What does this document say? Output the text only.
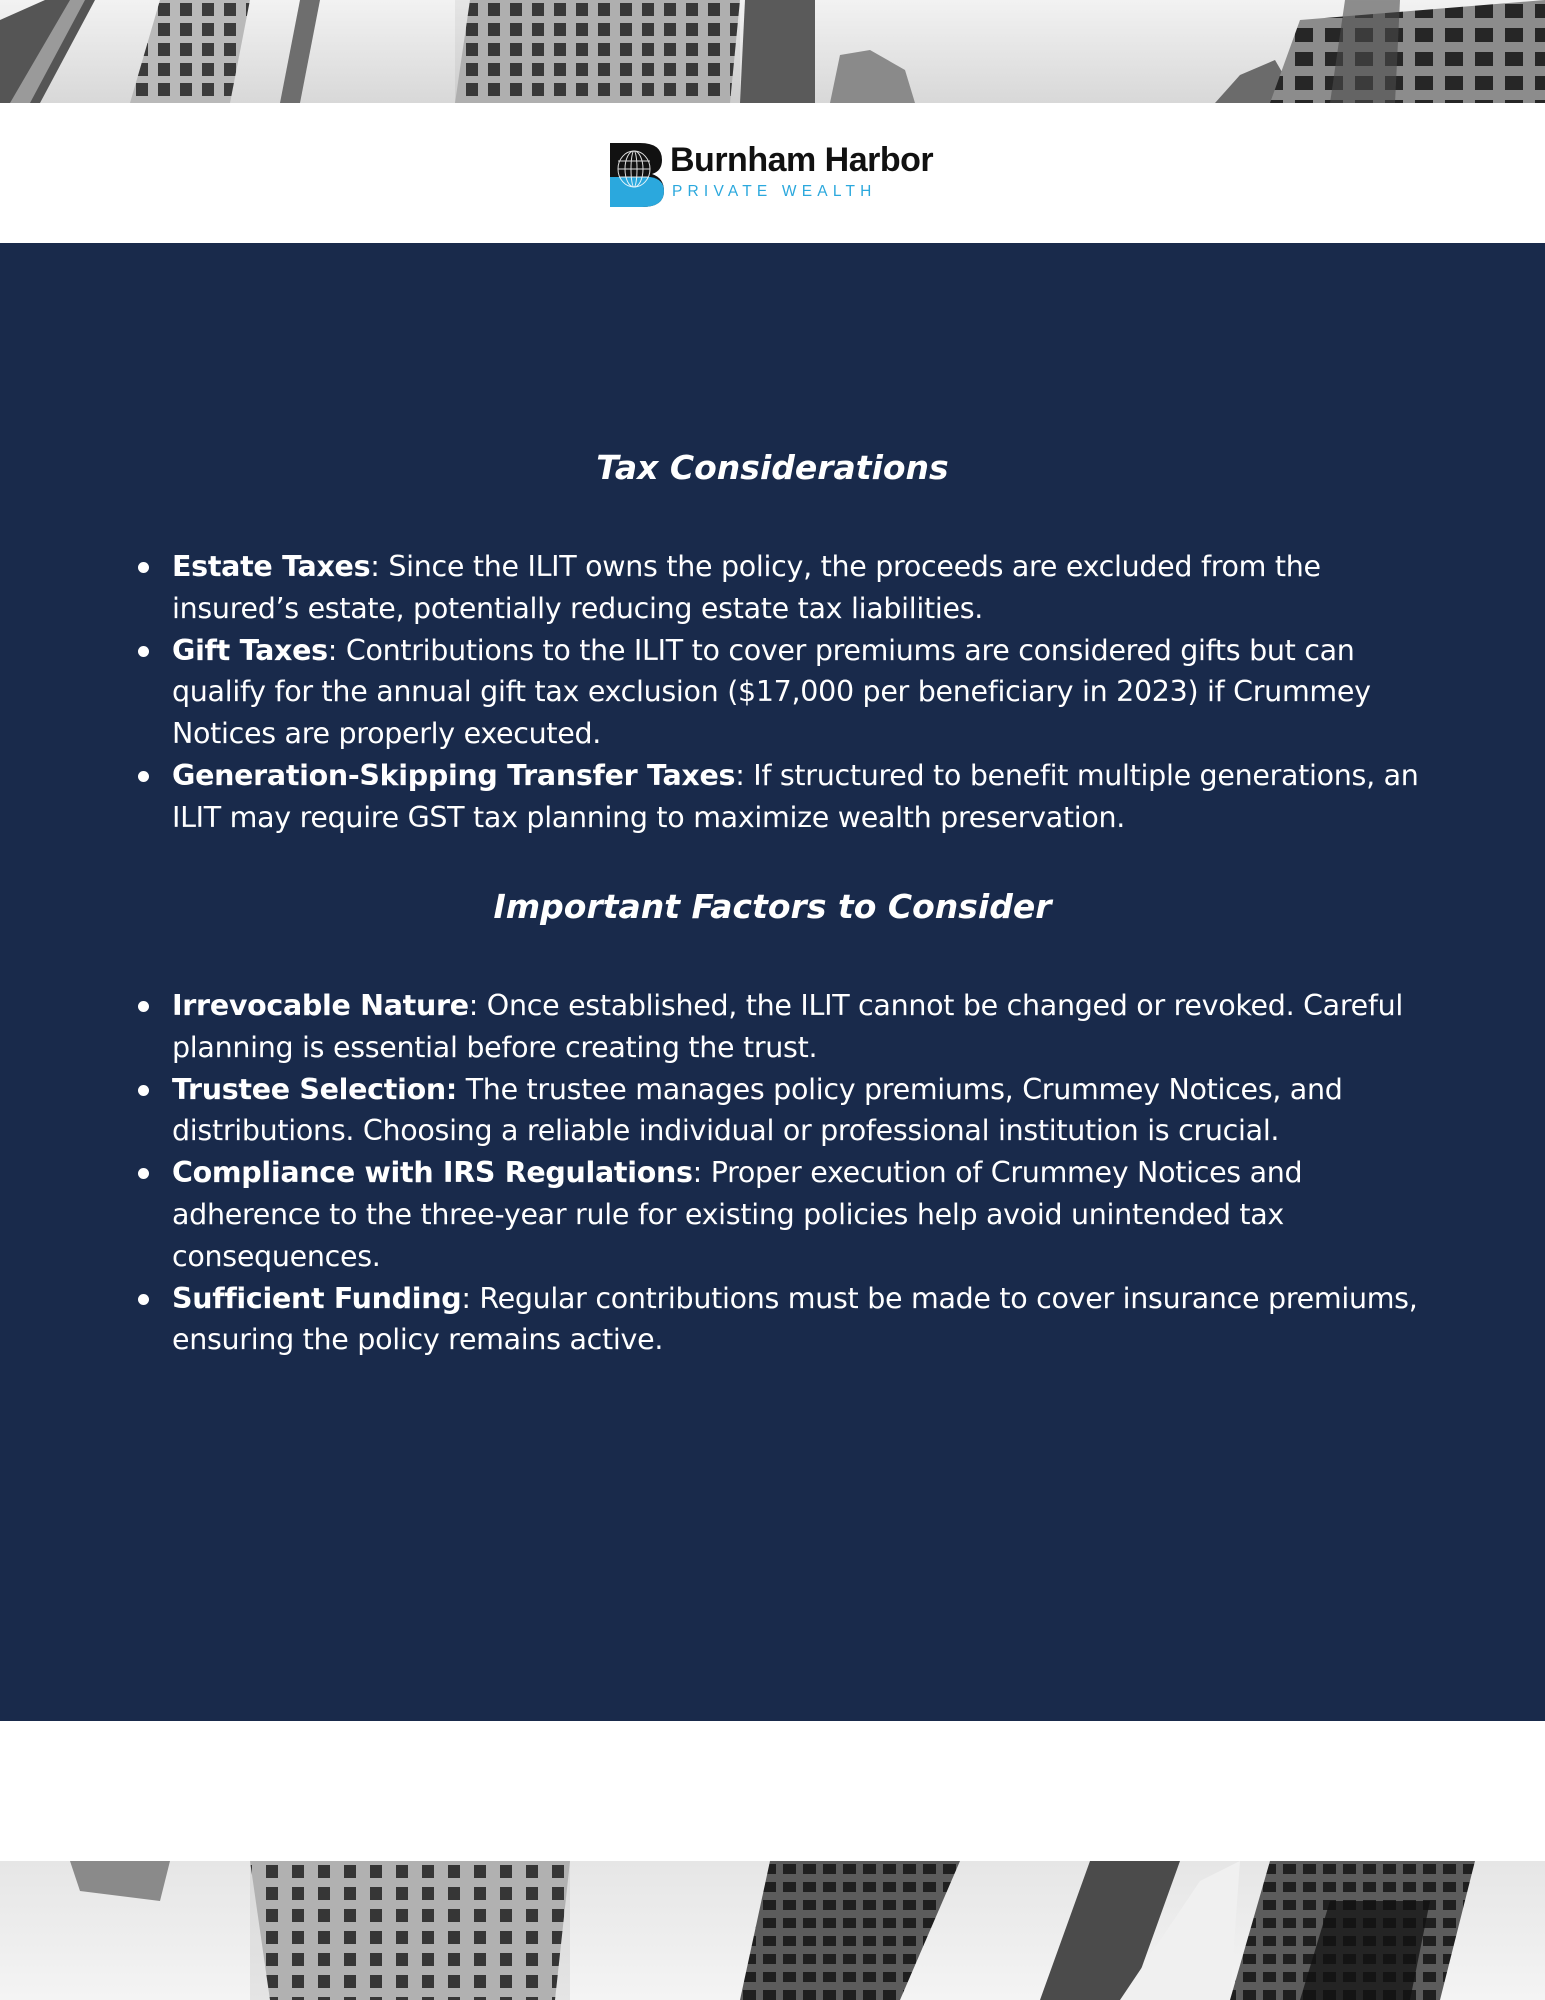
Burnham Harbor
PRIVATE WEALTH
Tax Considerations
Estate Taxes: Since the ILIT owns the policy, the proceeds are excluded from the insured’s estate, potentially reducing estate tax liabilities.
Gift Taxes: Contributions to the ILIT to cover premiums are considered gifts but can qualify for the annual gift tax exclusion ($17,000 per beneficiary in 2023) if Crummey Notices are properly executed.
Generation-Skipping Transfer Taxes: If structured to benefit multiple generations, an ILIT may require GST tax planning to maximize wealth preservation.
Important Factors to Consider
Irrevocable Nature: Once established, the ILIT cannot be changed or revoked. Careful planning is essential before creating the trust.
Trustee Selection: The trustee manages policy premiums, Crummey Notices, and distributions. Choosing a reliable individual or professional institution is crucial.
Compliance with IRS Regulations: Proper execution of Crummey Notices and adherence to the three-year rule for existing policies help avoid unintended tax consequences.
Sufficient Funding: Regular contributions must be made to cover insurance premiums, ensuring the policy remains active.
